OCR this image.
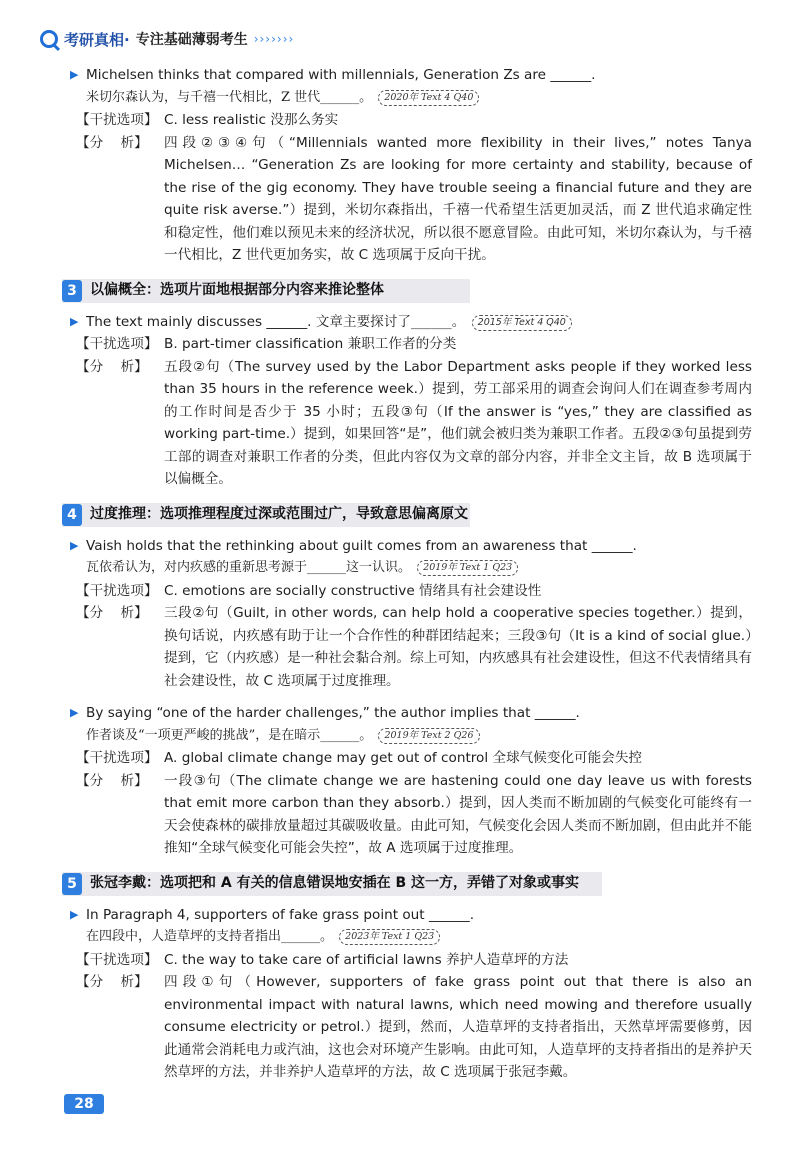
考研真相· 专注基础薄弱考生 ›››››››

▶ Michelsen thinks that compared with millennials, Generation Zs are ______.

米切尔森认为，与千禧一代相比，Z 世代______。 2020年 Text 4 Q40
【干扰选项】 C. less realistic 没那么务实
【分    析】	四段②③④句（“Millennials wanted more flexibility in their lives,” notes Tanya Michelsen… “Generation Zs are looking for more certainty and stability, because of the rise of the gig economy. They have trouble seeing a financial future and they are quite risk averse.”）提到，米切尔森指出，千禧一代希望生活更加灵活，而 Z 世代追求确定性和稳定性，他们难以预见未来的经济状况，所以很不愿意冒险。由此可知，米切尔森认为，与千禧一代相比，Z 世代更加务实，故 C 选项属于反向干扰。
3 以偏概全：选项片面地根据部分内容来推论整体

▶ The text mainly discusses ______. 文章主要探讨了______。 2015年 Text 4 Q40

【干扰选项】 B. part-timer classification 兼职工作者的分类
【分    析】	五段②句（The survey used by the Labor Department asks people if they worked less than 35 hours in the reference week.）提到，劳工部采用的调查会询问人们在调查参考周内的工作时间是否少于 35 小时；五段③句（If the answer is “yes,” they are classified as working part-time.）提到，如果回答“是”，他们就会被归类为兼职工作者。五段②③句虽提到劳工部的调查对兼职工作者的分类，但此内容仅为文章的部分内容，并非全文主旨，故 B 选项属于以偏概全。
4 过度推理：选项推理程度过深或范围过广，导致意思偏离原文

▶ Vaish holds that the rethinking about guilt comes from an awareness that ______.

瓦依希认为，对内疚感的重新思考源于______这一认识。 2019年 Text 1 Q23
【干扰选项】 C. emotions are socially constructive 情绪具有社会建设性
【分    析】	三段②句（Guilt, in other words, can help hold a cooperative species together.）提到，换句话说，内疚感有助于让一个合作性的种群团结起来；三段③句（It is a kind of social glue.）提到，它（内疚感）是一种社会黏合剂。综上可知，内疚感具有社会建设性，但这不代表情绪具有社会建设性，故 C 选项属于过度推理。

▶ By saying “one of the harder challenges,” the author implies that ______.

作者谈及“一项更严峻的挑战”，是在暗示______。 2019年 Text 2 Q26
【干扰选项】 A. global climate change may get out of control 全球气候变化可能会失控
【分    析】	一段③句（The climate change we are hastening could one day leave us with forests that emit more carbon than they absorb.）提到，因人类而不断加剧的气候变化可能终有一天会使森林的碳排放量超过其碳吸收量。由此可知，气候变化会因人类而不断加剧，但由此并不能推知“全球气候变化可能会失控”，故 A 选项属于过度推理。
5 张冠李戴：选项把和 A 有关的信息错误地安插在 B 这一方，弄错了对象或事实

▶ In Paragraph 4, supporters of fake grass point out ______.

在四段中，人造草坪的支持者指出______。 2023年 Text 1 Q23
【干扰选项】 C. the way to take care of artificial lawns 养护人造草坪的方法
【分    析】	四段①句（However, supporters of fake grass point out that there is also an environmental impact with natural lawns, which need mowing and therefore usually consume electricity or petrol.）提到，然而，人造草坪的支持者指出，天然草坪需要修剪，因此通常会消耗电力或汽油，这也会对环境产生影响。由此可知，人造草坪的支持者指出的是养护天然草坪的方法，并非养护人造草坪的方法，故 C 选项属于张冠李戴。
28
